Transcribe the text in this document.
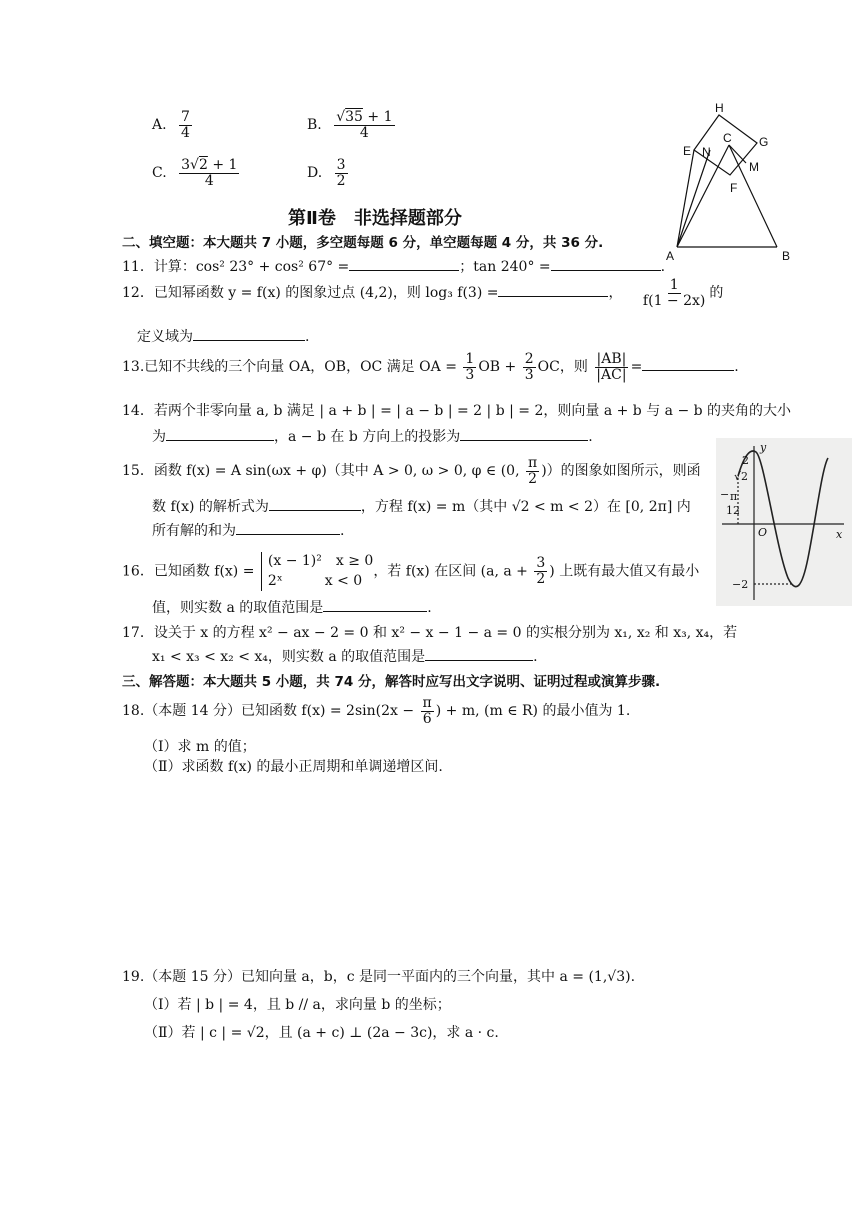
A. $\frac{7}{4}$	B. $\frac{√35 + 1}{4}$
C. $\frac{3√2 + 1}{4}$	D. $\frac{3}{2}$
H
C G
E N
M
F
A	B
第Ⅱ卷　非选择题部分
二、填空题：本大题共 7 小题，多空题每题 6 分，单空题每题 4 分，共 36 分.
11．计算：cos² 23° + cos² 67° =	；tan 240° =	.
12．已知幂函数 y = f(x) 的图象过点 (4,2)，则 log₃ f(3) =	， $\frac{1}{f(1 - 2x)}$ 的
定义域为	.
13.已知不共线的三个向量 OA，OB，OC 满足 OA = $\frac{1}{3}$ OB + $\frac{2}{3}$ OC，则 $\frac{|AB|}{|AC|}$ =	.
14．若两个非零向量 a, b 满足 | a + b | = | a − b | = 2 | b | = 2，则向量 a + b 与 a − b 的夹角的大小
为	，a − b 在 b 方向上的投影为	.
15．函数 f(x) = A sin(ωx + φ)（其中 A > 0, ω > 0, φ ∈ (0, $\frac{\pi}{2}$ )）的图象如图所示，则函
数 f(x) 的解析式为	，方程 f(x) = m（其中 √2 < m < 2）在 [0, 2π] 内
所有解的和为	.
y
x
2
√2
π
−
12
O
−2
16．已知函数 f(x) =
(x − 1)²　x ≥ 0
2ˣ　　　x < 0
，若 f(x) 在区间 (a, $a + \frac{3}{2}$ ) 上既有最大值又有最小
值，则实数 a 的取值范围是	.
17．设关于 x 的方程 x² − ax − 2 = 0 和 x² − x − 1 − a = 0 的实根分别为 x₁, x₂ 和 x₃, x₄，若
x₁ < x₃ < x₂ < x₄，则实数 a 的取值范围是	.
三、解答题：本大题共 5 小题，共 74 分，解答时应写出文字说明、证明过程或演算步骤.
18.（本题 14 分）已知函数 $f(x) = 2\sin(2x - \frac{\pi}{6}$ ) + m, (m ∈ R) 的最小值为 1.
（Ⅰ）求 m 的值；
（Ⅱ）求函数 f(x) 的最小正周期和单调递增区间.
19.（本题 15 分）已知向量 a，b，c 是同一平面内的三个向量，其中 a = (1,√3).
（Ⅰ）若 | b | = 4，且 b // a，求向量 b 的坐标；
（Ⅱ）若 | c | = √2，且 (a + c) ⊥ (2a − 3c)，求 a · c.
